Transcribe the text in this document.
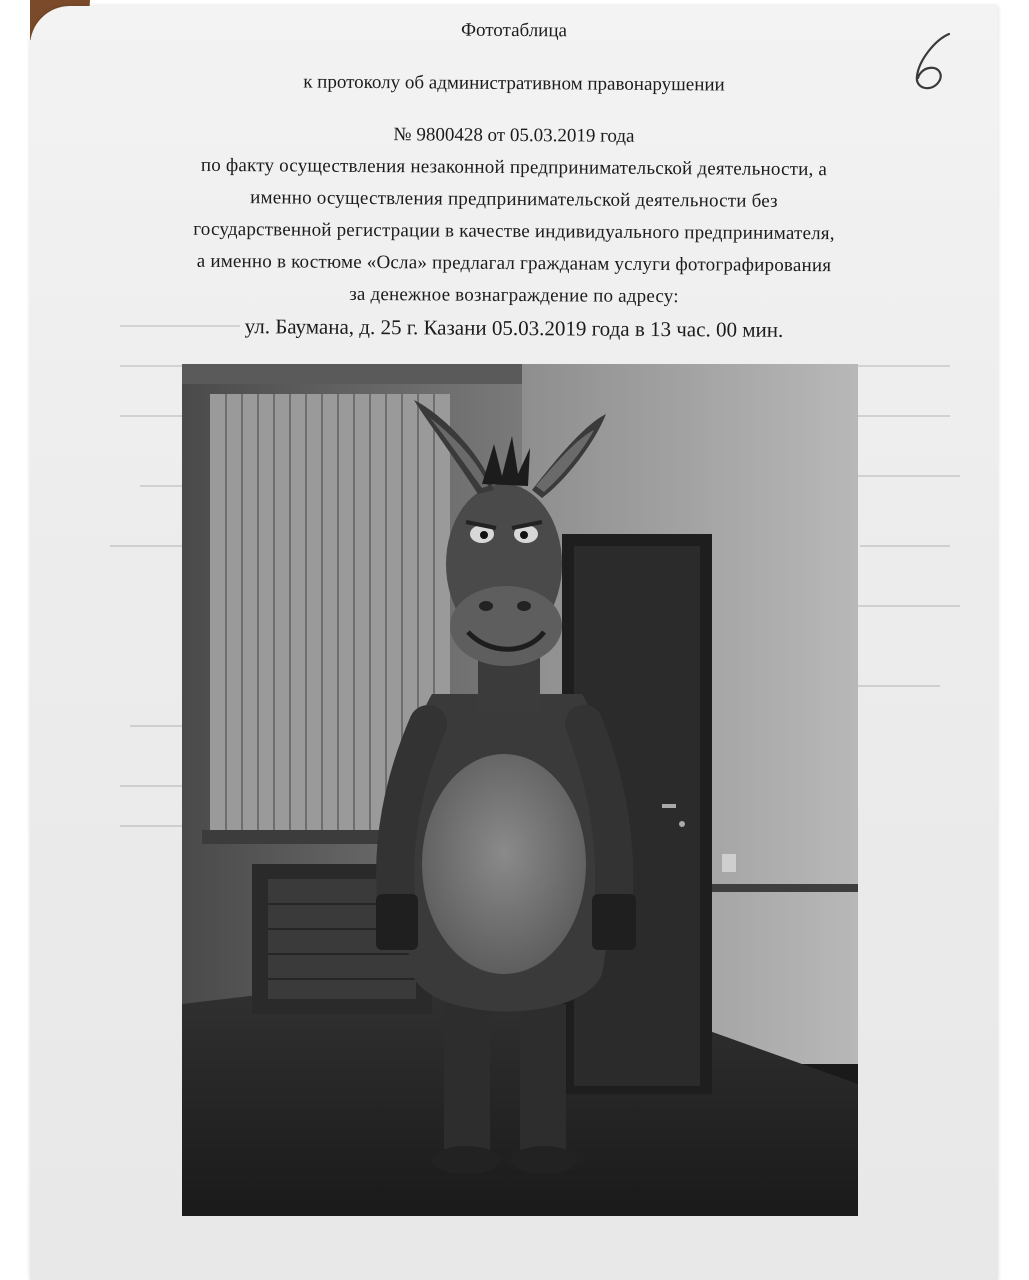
Фототаблица
к протоколу об административном правонарушении
№ 9800428 от 05.03.2019 года
по факту осуществления незаконной предпринимательской деятельности, а
именно осуществления предпринимательской деятельности без
государственной регистрации в качестве индивидуального предпринимателя,
а именно в костюме «Осла» предлагал гражданам услуги фотографирования
за денежное вознаграждение по адресу:
ул. Баумана, д. 25 г. Казани 05.03.2019 года в 13 час. 00 мин.
